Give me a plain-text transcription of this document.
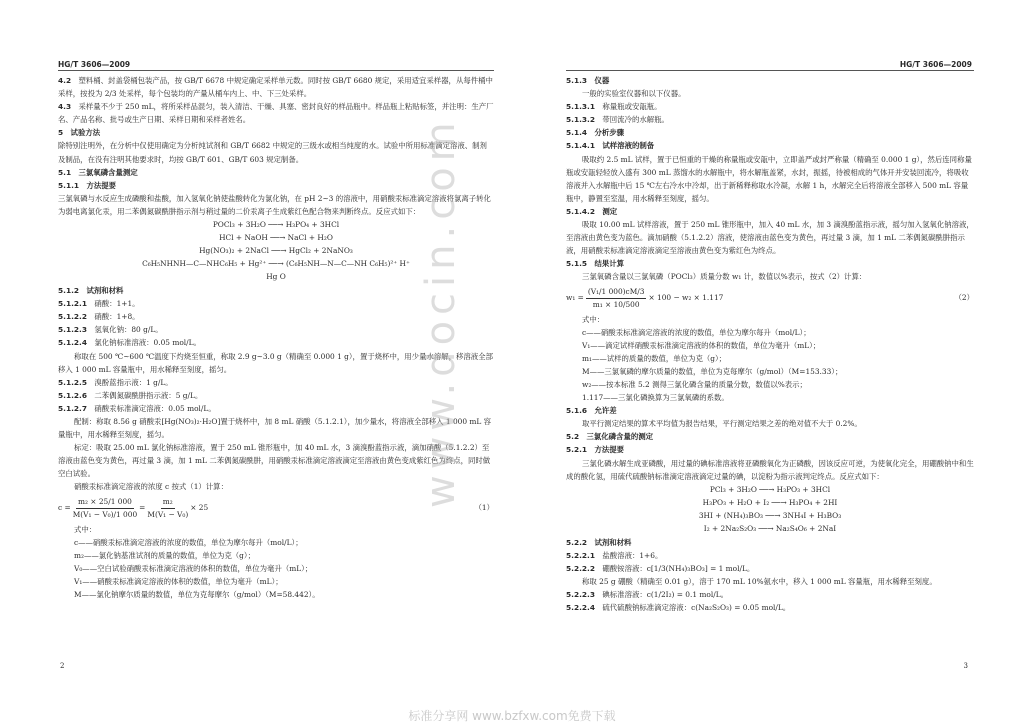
HG/T 3606—2009	HG/T 3606—2009

4.2　塑料桶、封盖袋桶包装产品，按 GB/T 6678 中规定确定采样单元数。同时按 GB/T 6680 规定，采用适宜采样器，从每件桶中采样，按投为 2/3 处采样，每个包装均的产量从桶车内上、中、下三处采样。

4.3　采样量不少于 250 mL，将所采样品混匀，装入清洁、干燥、具塞、密封良好的样品瓶中。样品瓶上粘贴标签，并注明：生产厂名、产品名称、批号或生产日期、采样日期和采样者姓名。

5　试验方法

除特别注明外，在分析中仅使用确定为分析纯试剂和 GB/T 6682 中规定的三级水或相当纯度的水。试验中所用标准滴定溶液、制剂及制品，在没有注明其他要求时，均按 GB/T 601、GB/T 603 规定制备。

5.1　三氯氧磷含量测定

5.1.1　方法提要

三氯氧磷与水反应生成磷酸和盐酸，加入氢氧化钠使盐酸转化为氯化钠，在 pH 2~3 的溶液中，用硝酸汞标准滴定溶液将氯离子转化为弱电离氯化汞，用二苯偶氮碳酰肼指示剂与稍过量的二价汞离子生成紫红色配合物来判断终点。反应式如下：

POCl₃ + 3H₂O ──→ H₃PO₄ + 3HCl

HCl + NaOH ──→ NaCl + H₂O

Hg(NO₃)₂ + 2NaCl ──→ HgCl₂ + 2NaNO₃

C₆H₅NHNH—C—NHC₆H₅ + Hg²⁺ ──→ (C₆H₅NH—N—C—NH C₆H₅)²⁺ H⁺

Hg O

5.1.2　试剂和材料

5.1.2.1　硝酸：1+1。

5.1.2.2　硝酸：1+8。

5.1.2.3　氢氧化钠：80 g/L。

5.1.2.4　氯化钠标准溶液：0.05 mol/L。

称取在 500 ℃~600 ℃温度下灼烧至恒重，称取 2.9 g~3.0 g（精确至 0.000 1 g），置于烧杯中，用少量水溶解，移溶液全部移入 1 000 mL 容量瓶中，用水稀释至刻度，摇匀。

5.1.2.5　溴酚蓝指示液：1 g/L。

5.1.2.6　二苯偶氮碳酰肼指示液：5 g/L。

5.1.2.7　硝酸汞标准滴定溶液：0.05 mol/L。

配制：称取 8.56 g 硝酸汞[Hg(NO₃)₂·H₂O]置于烧杯中，加 8 mL 硝酸（5.1.2.1），加少量水，将溶液全部移入 1 000 mL 容量瓶中，用水稀释至刻度，摇匀。

标定：吸取 25.00 mL 氯化钠标准溶液，置于 250 mL 锥形瓶中，加 40 mL 水，3 滴溴酚蓝指示液，滴加硝酸（5.1.2.2）至溶液由蓝色变为黄色，再过量 3 滴，加 1 mL 二苯偶氮碳酰肼，用硝酸汞标准滴定溶液滴定至溶液由黄色变成紫红色为终点，同时做空白试验。

硝酸汞标准滴定溶液的浓度 c 按式（1）计算：

$c = \frac{\text{m₂ × 25/1 000}}{\text{M(V₁ − V₀)/1 000}} = \frac{\text{m₂}}{\text{M(V₁ − V₀)}} \times 25$	（1）

式中：

c——硝酸汞标准滴定溶液的浓度的数值，单位为摩尔每升（mol/L）；

m₂——氯化钠基准试剂的质量的数值，单位为克（g）；

V₀——空白试验硝酸汞标准滴定溶液的体积的数值，单位为毫升（mL）；

V₁——硝酸汞标准滴定溶液的体积的数值，单位为毫升（mL）；

M——氯化钠摩尔质量的数值，单位为克每摩尔（g/mol）（M=58.442）。

2

5.1.3　仪器

一般的实验室仪器和以下仪器。

5.1.3.1　称量瓶或安瓿瓶。

5.1.3.2　带回流冷的水解瓶。

5.1.4　分析步骤

5.1.4.1　试样溶液的制备

吸取约 2.5 mL 试样，置于已恒重的干燥的称量瓶或安瓿中，立即盖严或封严称量（精确至 0.000 1 g），然后连同称量瓶或安瓿轻轻放入盛有 300 mL 蒸馏水的水解瓶中，将水解瓶盖紧，水封，振摇，待被相成的气体开并安装回流冷，将吸收溶液并入水解瓶中后 15 ℃左右冷水中冷却，出于新稀释称取水冷凝，水解 1 h，水解完全后将溶液全部移入 500 mL 容量瓶中，静置至室温，用水稀释至刻度，摇匀。

5.1.4.2　测定

吸取 10.00 mL 试样溶液，置于 250 mL 锥形瓶中，加入 40 mL 水，加 3 滴溴酚蓝指示液，摇匀加入氢氧化钠溶液，至溶液由黄色变为蓝色。滴加硝酸（5.1.2.2）溶液，使溶液由蓝色变为黄色，再过量 3 滴，加 1 mL 二苯偶氮碳酰肼指示液，用硝酸汞标准滴定溶液滴定至溶液由黄色变为紫红色为终点。

5.1.5　结果计算

三氯氧磷含量以三氯氧磷（POCl₃）质量分数 w₁ 计，数值以%表示，按式（2）计算：

$w_1 = \frac{\text{(V₁/1 000)cM/3}}{\text{m₁ × 10/500}} \times 100 - w_2 \times 1.117$	（2）

式中：

c——硝酸汞标准滴定溶液的浓度的数值，单位为摩尔每升（mol/L）；

V₁——滴定试样硝酸汞标准滴定溶液的体积的数值，单位为毫升（mL）；

m₁——试样的质量的数值，单位为克（g）；

M——三氯氧磷的摩尔质量的数值，单位为克每摩尔（g/mol）（M=153.33）；

w₂——按本标准 5.2 测得三氯化磷含量的质量分数，数值以%表示；

1.117——三氯化磷换算为三氯氧磷的系数。

5.1.6　允许差

取平行测定结果的算术平均值为报告结果，平行测定结果之差的绝对值不大于 0.2%。

5.2　三氯化磷含量的测定

5.2.1　方法提要

三氯化磷水解生成亚磷酸，用过量的碘标准溶液将亚磷酸氧化为正磷酸，因该反应可逆，为使氧化完全，用硼酸钠中和生成的酸化氢，用硫代硫酸钠标准滴定溶液滴定过量的碘，以淀粉为指示液判定终点。反应式如下：

PCl₃ + 3H₂O ──→ H₃PO₃ + 3HCl

H₃PO₃ + H₂O + I₂ ──→ H₃PO₄ + 2HI

3HI + (NH₄)₃BO₃ ──→ 3NH₄I + H₃BO₃

I₂ + 2Na₂S₂O₃ ──→ Na₂S₄O₆ + 2NaI

5.2.2　试剂和材料

5.2.2.1　盐酸溶液：1+6。

5.2.2.2　硼酸铵溶液：c[1/3(NH₄)₃BO₃] = 1 mol/L。

称取 25 g 硼酸（精确至 0.01 g），溶于 170 mL 10%氨水中，移入 1 000 mL 容量瓶，用水稀释至刻度。

5.2.2.3　碘标准溶液：c(1/2I₂) = 0.1 mol/L。

5.2.2.4　硫代硫酸钠标准滴定溶液：c(Na₂S₂O₃) = 0.05 mol/L。

3
www.docin.com
标准分享网 www.bzfxw.com免费下载
